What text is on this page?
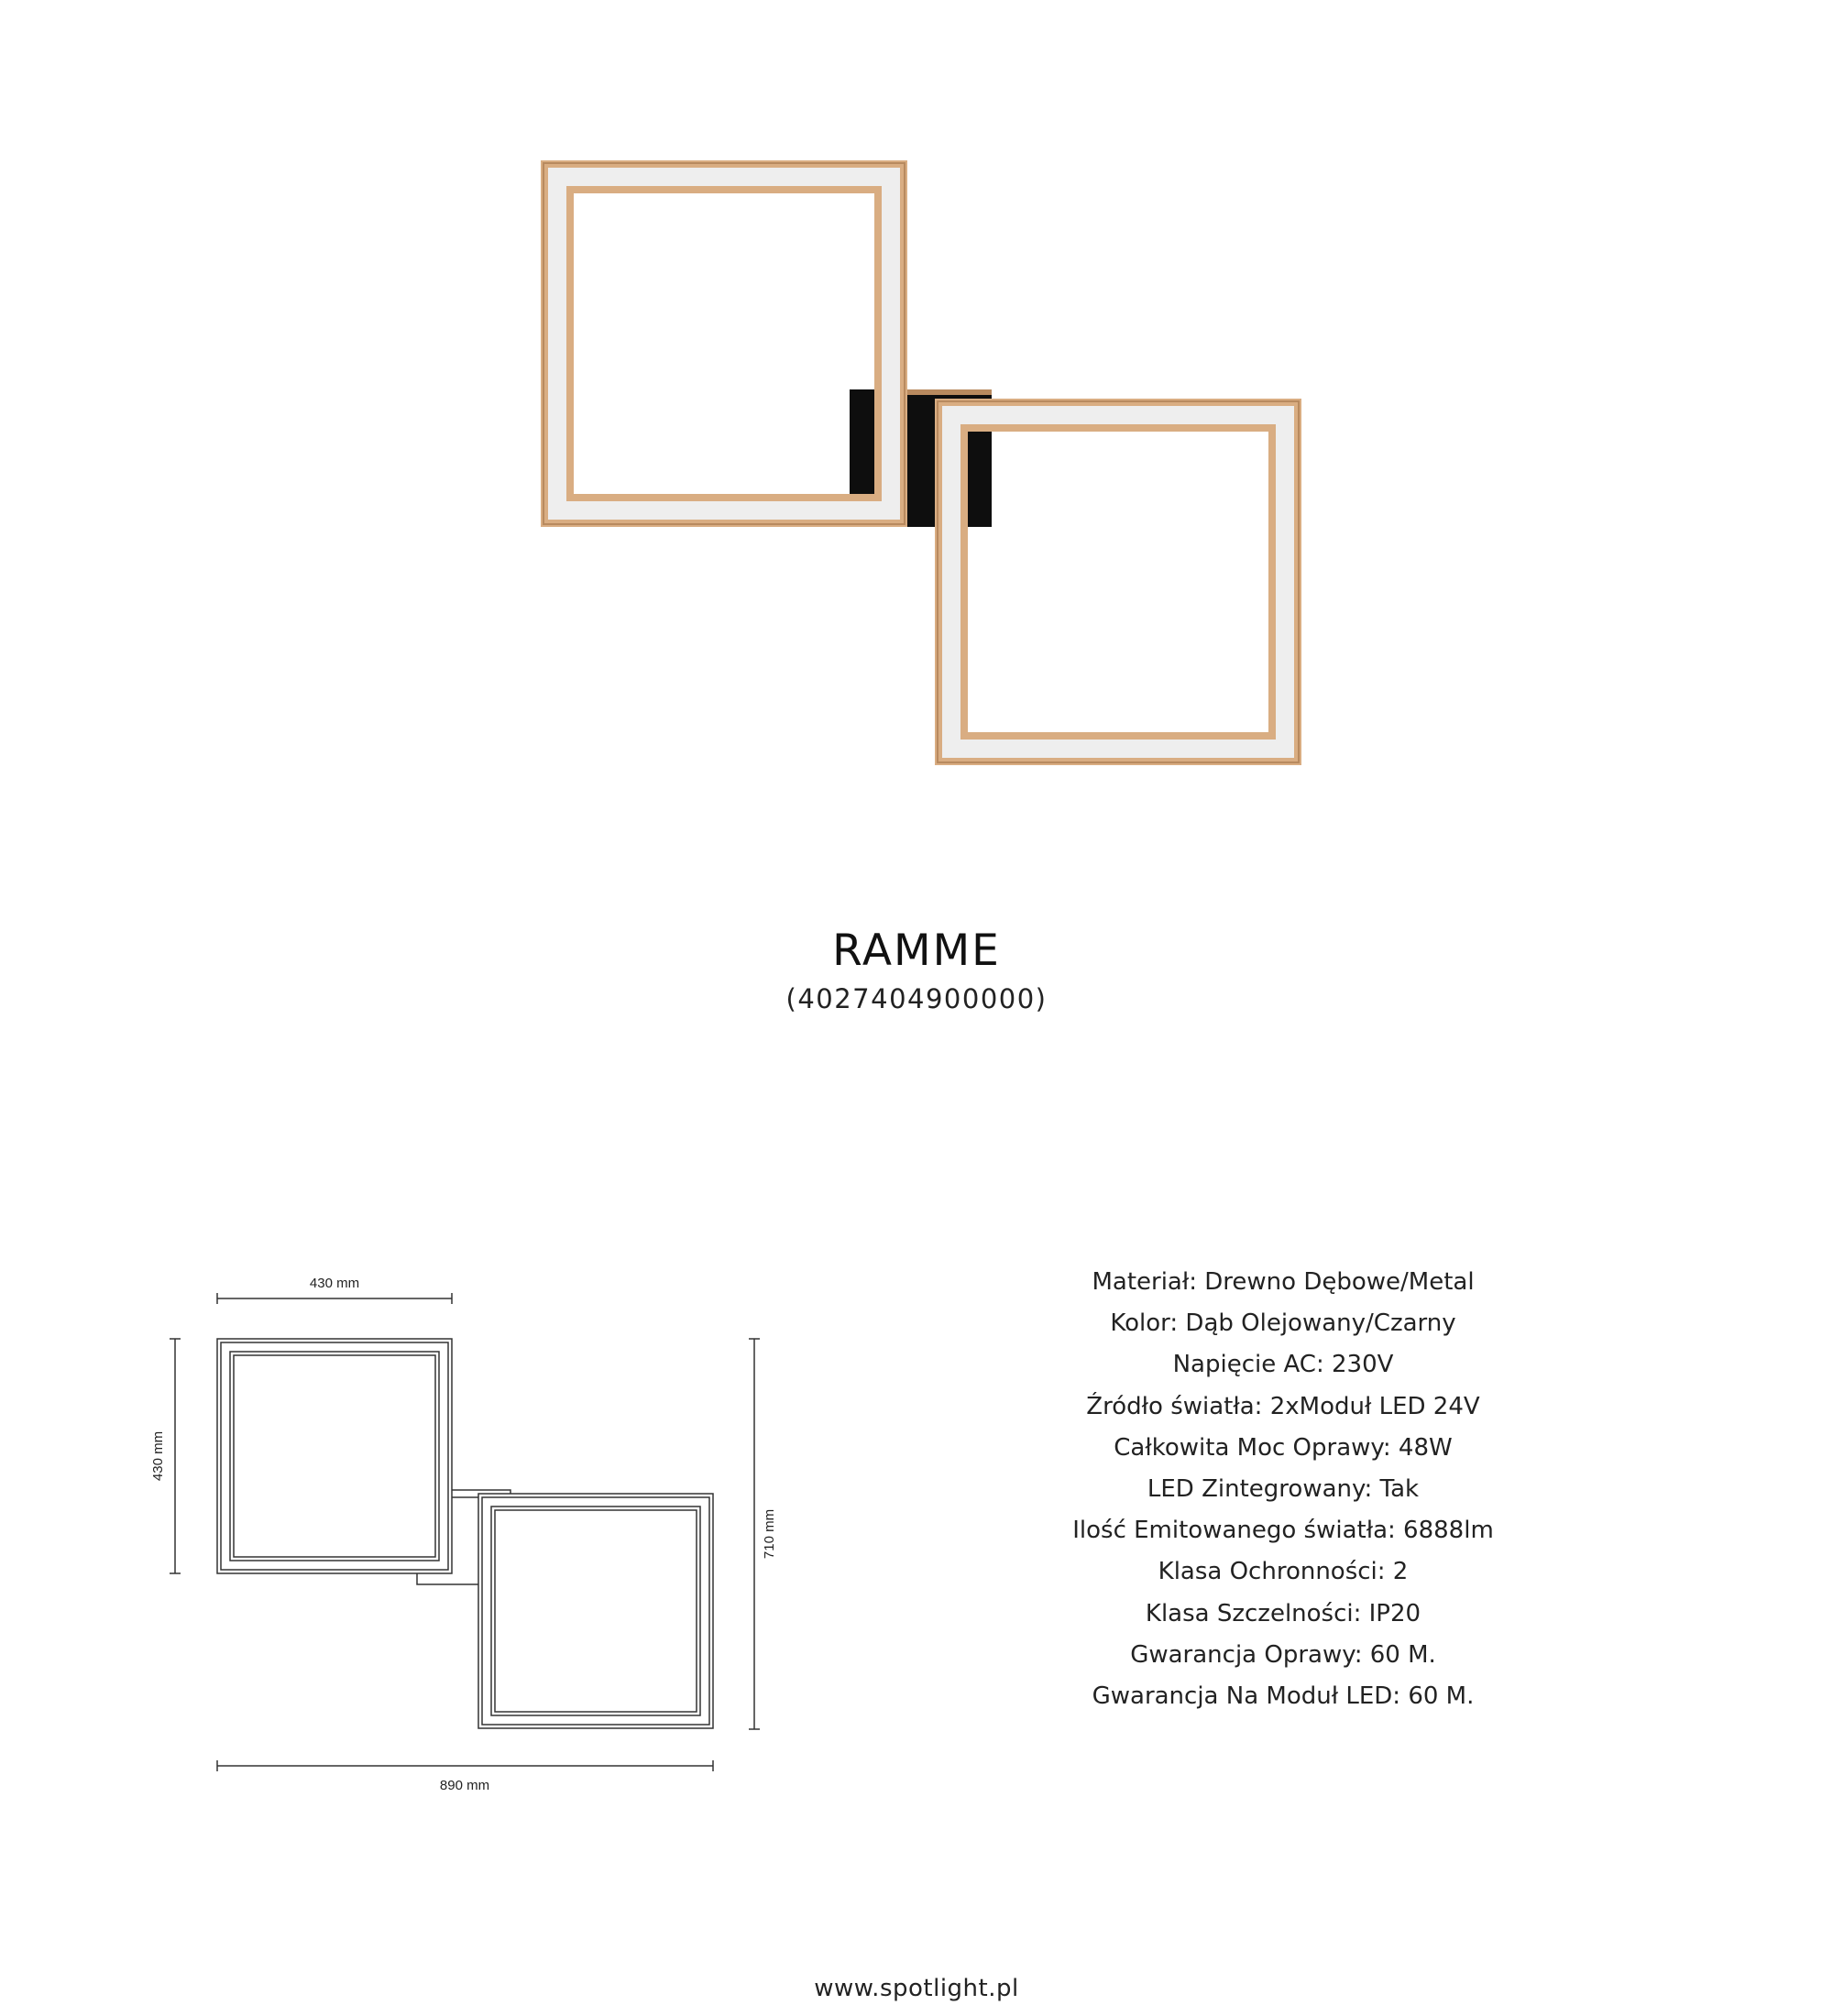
RAMME
(4027404900000)
430 mm
430 mm
710 mm
890 mm
Materiał: Drewno Dębowe/Metal
Kolor: Dąb Olejowany/Czarny
Napięcie AC: 230V
Źródło światła: 2xModuł LED 24V
Całkowita Moc Oprawy: 48W
LED Zintegrowany: Tak
Ilość Emitowanego światła: 6888lm
Klasa Ochronności: 2
Klasa Szczelności: IP20
Gwarancja Oprawy: 60 M.
Gwarancja Na Moduł LED: 60 M.
www.spotlight.pl
